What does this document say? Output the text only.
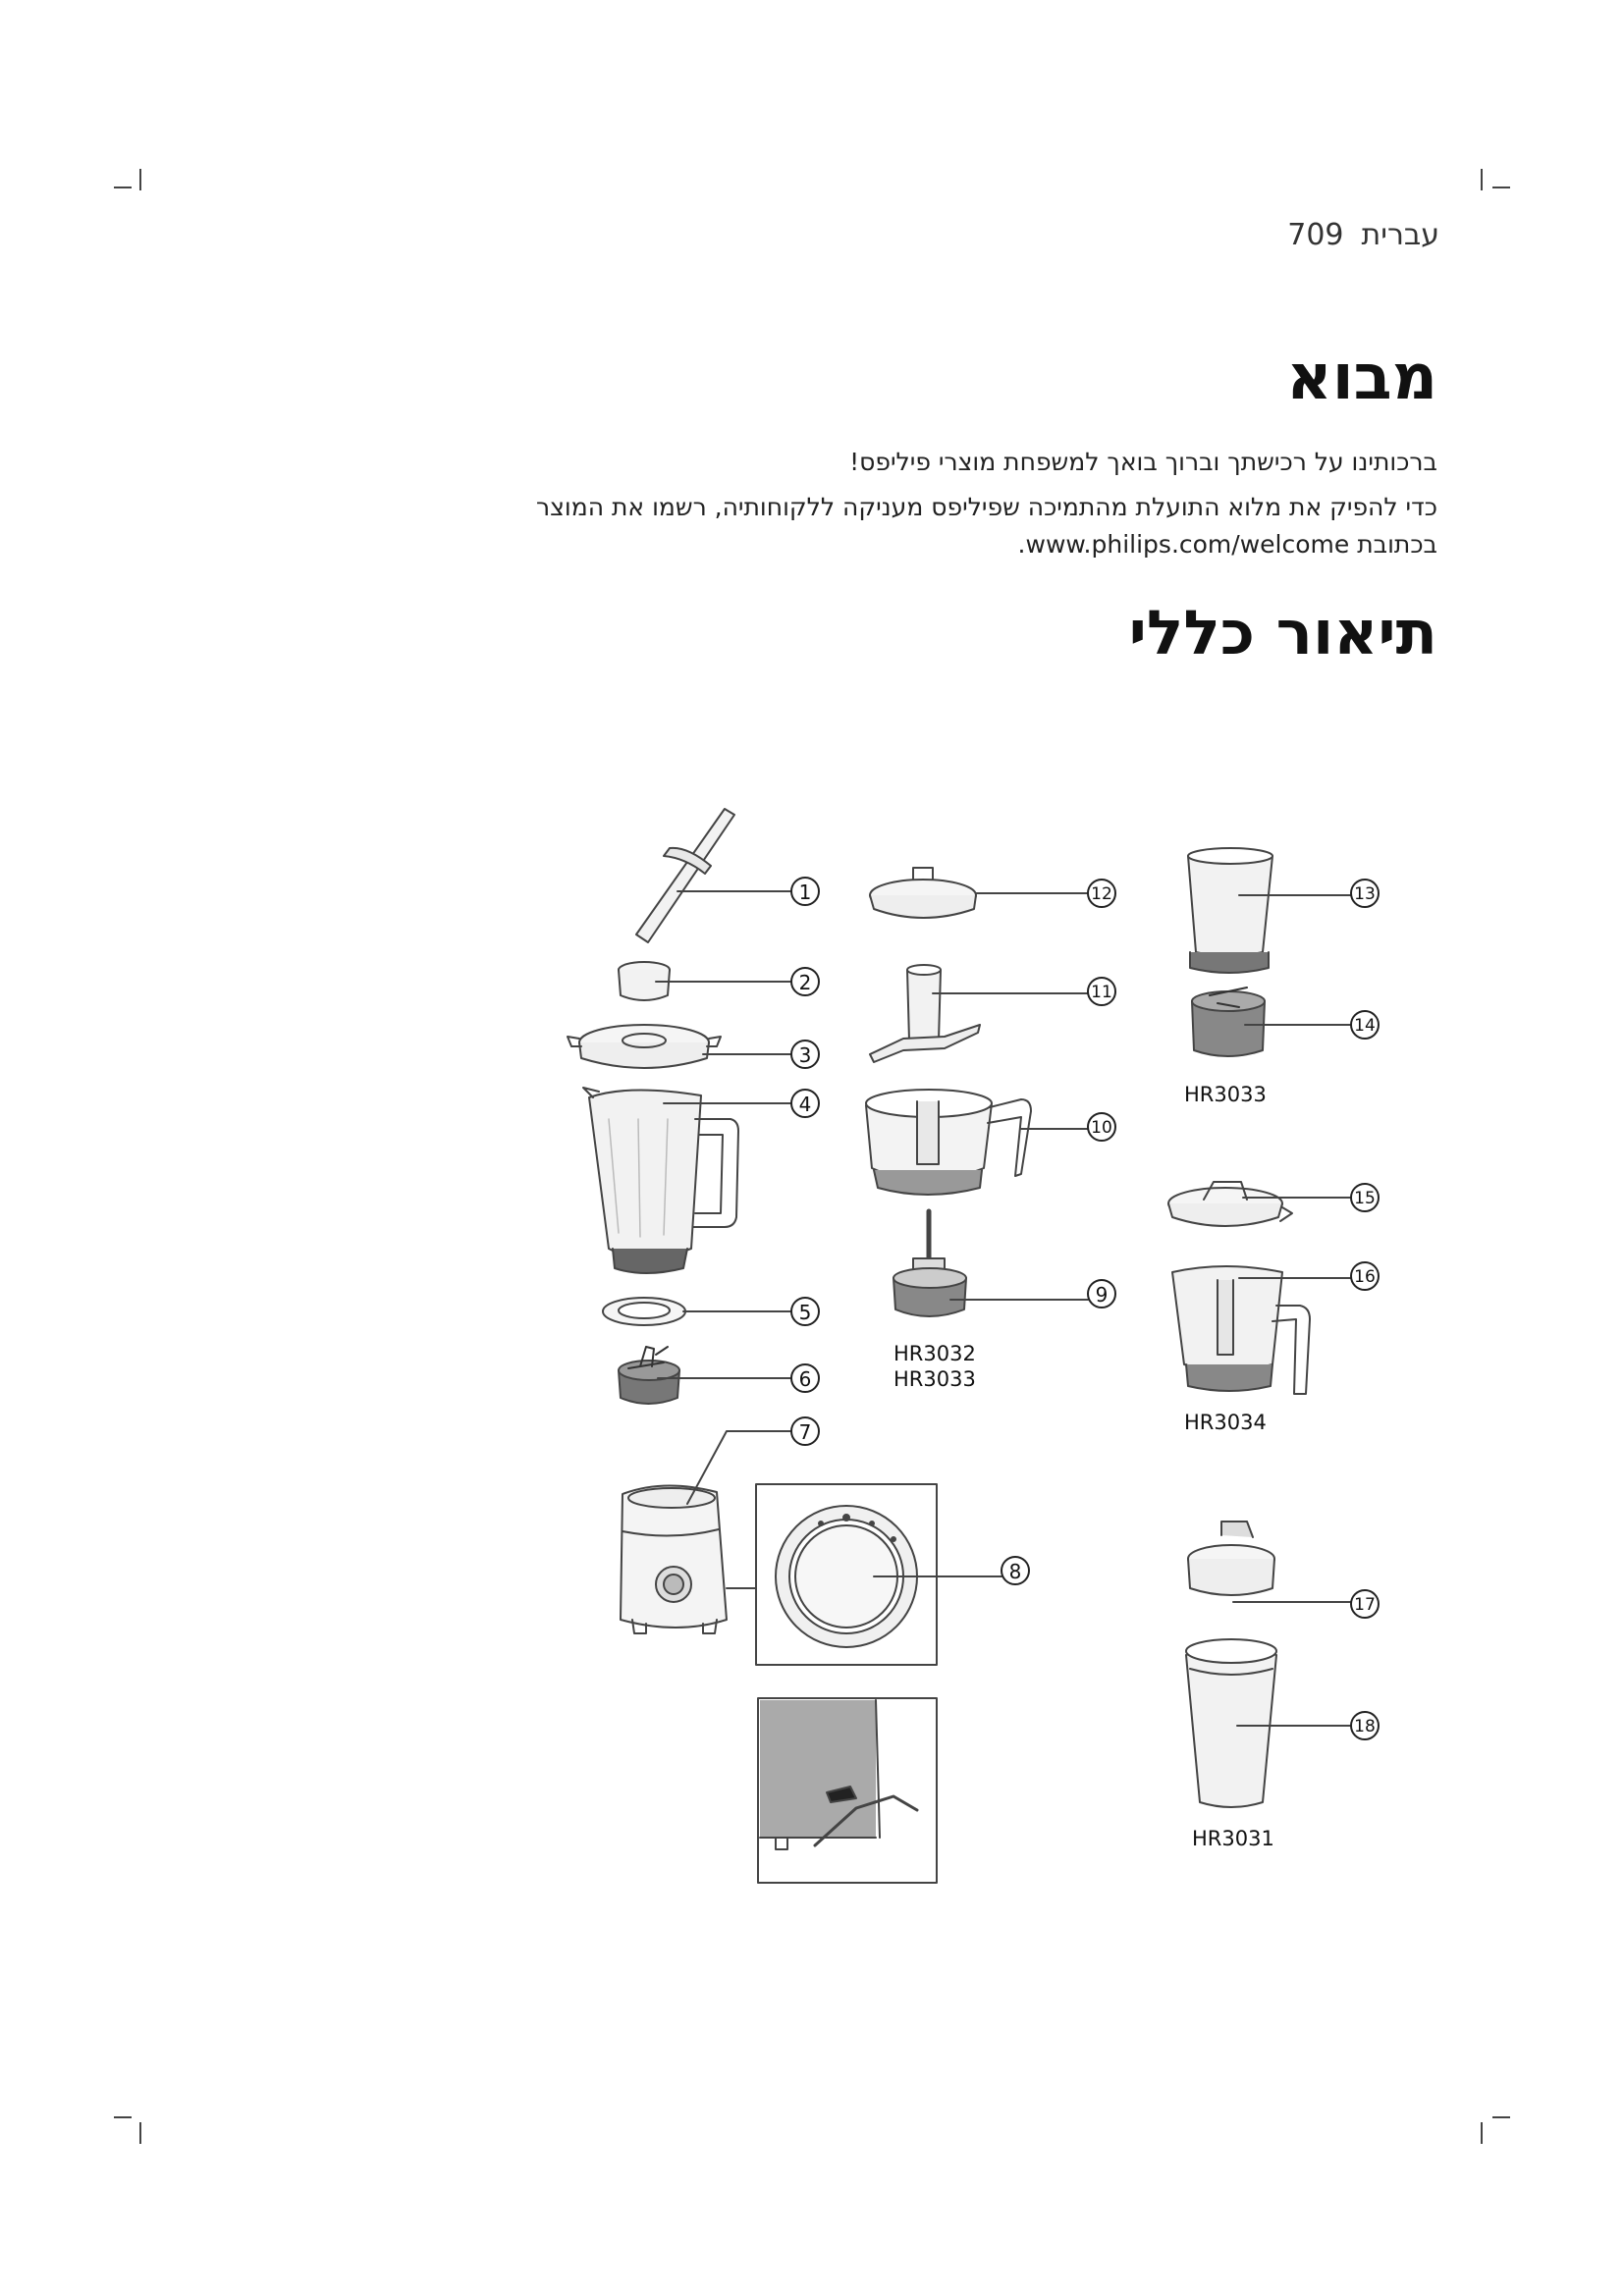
עברית709
מבוא
ברכותינו על רכישתך וברוך בואך למשפחת מוצרי פיליפס!
כדי להפיק את מלוא התועלת מהתמיכה שפיליפס מעניקה ללקוחותיה, רשמו את המוצר
בכתובת www.philips.com/welcome.
תיאור כללי
1
2
3
4
5
6
7
8
9
10
11
12	13
14
15
16
17
18
HR3032
HR3033
HR3033
HR3034
HR3031
